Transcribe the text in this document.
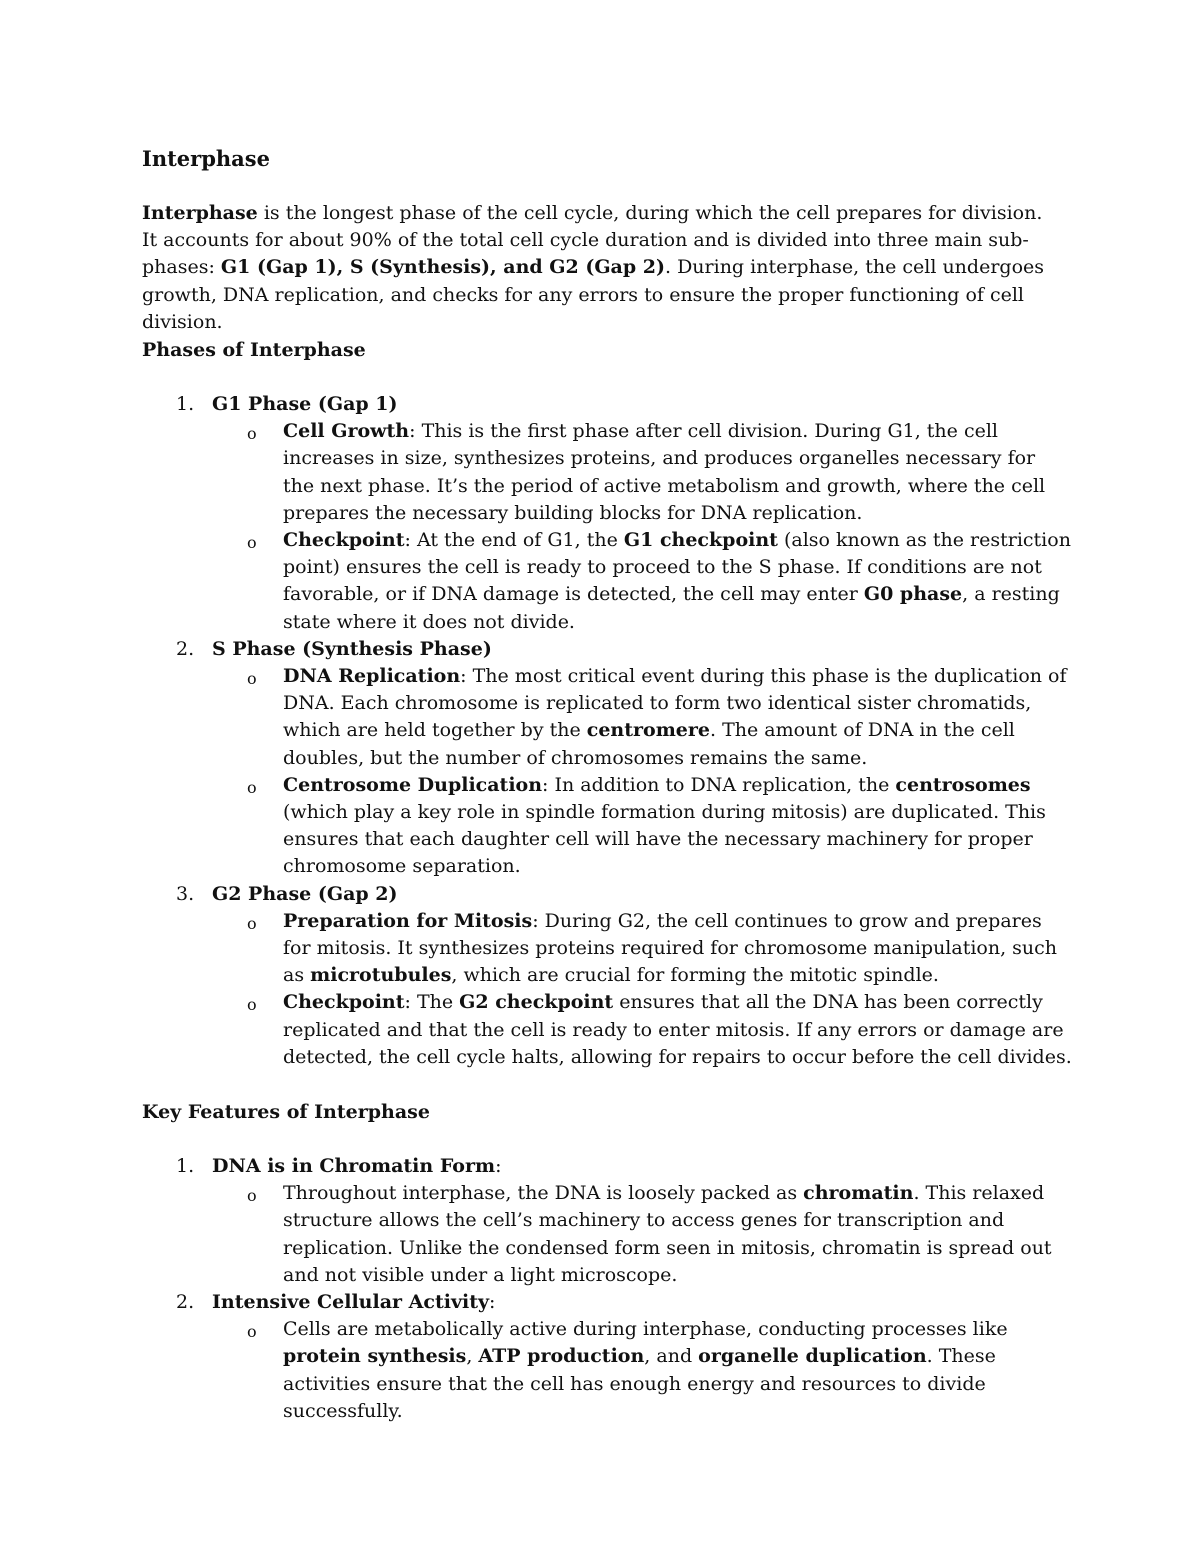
Interphase

Interphase is the longest phase of the cell cycle, during which the cell prepares for division. It accounts for about 90% of the total cell cycle duration and is divided into three main sub-phases: G1 (Gap 1), S (Synthesis), and G2 (Gap 2). During interphase, the cell undergoes growth, DNA replication, and checks for any errors to ensure the proper functioning of cell division.

Phases of Interphase
1. G1 Phase (Gap 1)
o Cell Growth: This is the first phase after cell division. During G1, the cell increases in size, synthesizes proteins, and produces organelles necessary for the next phase. It’s the period of active metabolism and growth, where the cell prepares the necessary building blocks for DNA replication.
o Checkpoint: At the end of G1, the G1 checkpoint (also known as the restriction point) ensures the cell is ready to proceed to the S phase. If conditions are not favorable, or if DNA damage is detected, the cell may enter G0 phase, a resting state where it does not divide.
2. S Phase (Synthesis Phase)
o DNA Replication: The most critical event during this phase is the duplication of DNA. Each chromosome is replicated to form two identical sister chromatids, which are held together by the centromere. The amount of DNA in the cell doubles, but the number of chromosomes remains the same.
o Centrosome Duplication: In addition to DNA replication, the centrosomes (which play a key role in spindle formation during mitosis) are duplicated. This ensures that each daughter cell will have the necessary machinery for proper chromosome separation.
3. G2 Phase (Gap 2)
o Preparation for Mitosis: During G2, the cell continues to grow and prepares for mitosis. It synthesizes proteins required for chromosome manipulation, such as microtubules, which are crucial for forming the mitotic spindle.
o Checkpoint: The G2 checkpoint ensures that all the DNA has been correctly replicated and that the cell is ready to enter mitosis. If any errors or damage are detected, the cell cycle halts, allowing for repairs to occur before the cell divides.
Key Features of Interphase
1. DNA is in Chromatin Form:
o Throughout interphase, the DNA is loosely packed as chromatin. This relaxed structure allows the cell’s machinery to access genes for transcription and replication. Unlike the condensed form seen in mitosis, chromatin is spread out and not visible under a light microscope.
2. Intensive Cellular Activity:
o Cells are metabolically active during interphase, conducting processes like protein synthesis, ATP production, and organelle duplication. These activities ensure that the cell has enough energy and resources to divide successfully.
